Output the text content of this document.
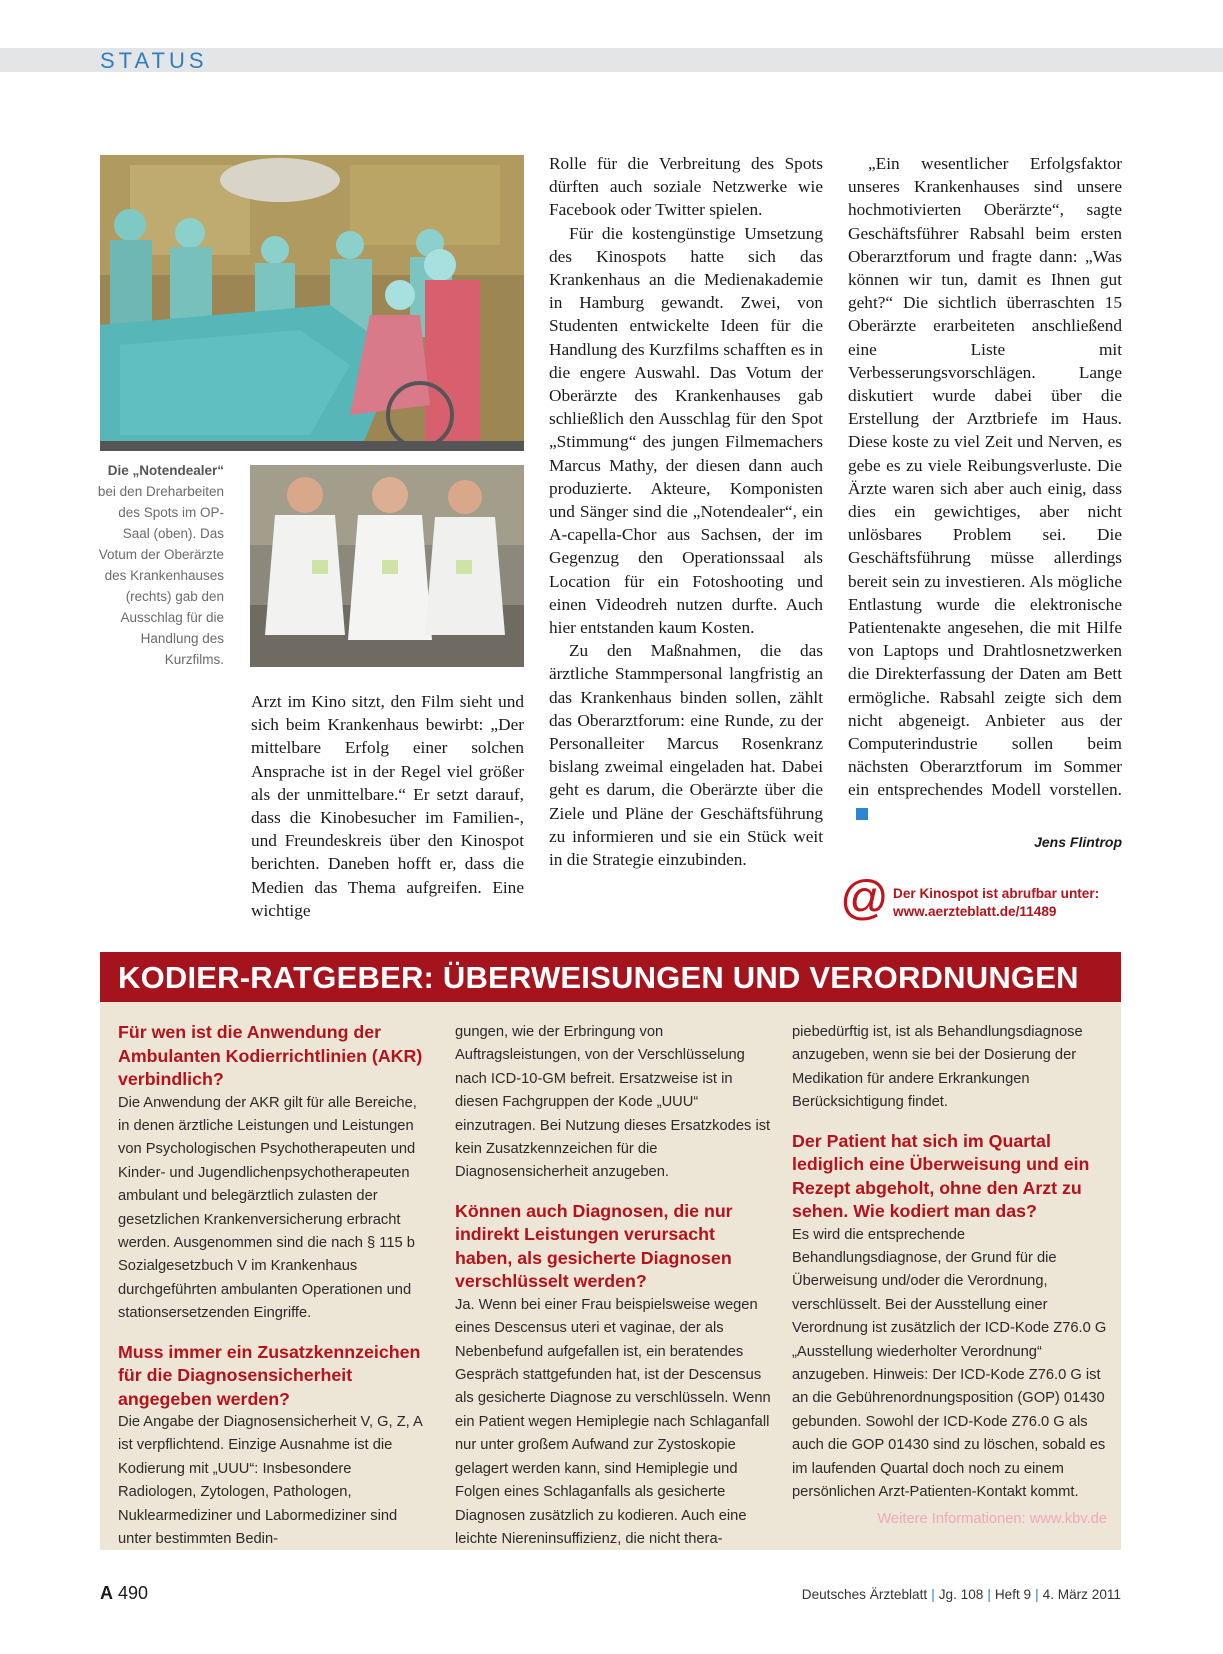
STATUS
Die „Notendealer“ bei den Dreharbeiten des Spots im OP-Saal (oben). Das Votum der Oberärzte des Krankenhauses (rechts) gab den Ausschlag für die Handlung des Kurzfilms.

Arzt im Kino sitzt, den Film sieht und sich beim Krankenhaus bewirbt: „Der mittelbare Erfolg einer solchen Ansprache ist in der Regel viel größer als der unmittelbare.“ Er setzt darauf, dass die Kinobesucher im Familien-, und Freundeskreis über den Kinospot berichten. Daneben hofft er, dass die Medien das Thema aufgreifen. Eine wichtige

Rolle für die Verbreitung des Spots dürften auch soziale Netzwerke wie Facebook oder Twitter spielen.

Für die kostengünstige Umsetzung des Kinospots hatte sich das Krankenhaus an die Medienakademie in Hamburg gewandt. Zwei, von Studenten entwickelte Ideen für die Handlung des Kurzfilms schafften es in die engere Auswahl. Das Votum der Oberärzte des Krankenhauses gab schließlich den Ausschlag für den Spot „Stimmung“ des jungen Filmemachers Marcus Mathy, der diesen dann auch produzierte. Akteure, Komponisten und Sänger sind die „Notendealer“, ein A-capella-Chor aus Sachsen, der im Gegenzug den Operationssaal als Location für ein Fotoshooting und einen Videodreh nutzen durfte. Auch hier entstanden kaum Kosten.

Zu den Maßnahmen, die das ärztliche Stammpersonal langfristig an das Krankenhaus binden sollen, zählt das Oberarztforum: eine Runde, zu der Personalleiter Marcus Rosenkranz bislang zweimal eingeladen hat. Dabei geht es darum, die Oberärzte über die Ziele und Pläne der Geschäftsführung zu informieren und sie ein Stück weit in die Strategie einzubinden.

„Ein wesentlicher Erfolgsfaktor unseres Krankenhauses sind unsere hochmotivierten Oberärzte“, sagte Geschäftsführer Rabsahl beim ersten Oberarztforum und fragte dann: „Was können wir tun, damit es Ihnen gut geht?“ Die sichtlich überraschten 15 Oberärzte erarbeiteten anschließend eine Liste mit Verbesserungsvorschlägen. Lange diskutiert wurde dabei über die Erstellung der Arztbriefe im Haus. Diese koste zu viel Zeit und Nerven, es gebe es zu viele Reibungsverluste. Die Ärzte waren sich aber auch einig, dass dies ein gewichtiges, aber nicht unlösbares Problem sei. Die Geschäftsführung müsse allerdings bereit sein zu investieren. Als mögliche Entlastung wurde die elektronische Patientenakte angesehen, die mit Hilfe von Laptops und Drahtlosnetzwerken die Direkterfassung der Daten am Bett ermögliche. Rabsahl zeigte sich dem nicht abgeneigt. Anbieter aus der Computerindustrie sollen beim nächsten Oberarztforum im Sommer ein entsprechendes Modell vorstellen.

Jens Flintrop
@ Der Kinospot ist abrufbar unter:
www.aerzteblatt.de/11489
KODIER-RATGEBER: ÜBERWEISUNGEN UND VERORDNUNGEN
Für wen ist die Anwendung der Ambulanten Kodierrichtlinien (AKR) verbindlich?

Die Anwendung der AKR gilt für alle Bereiche, in denen ärztliche Leistungen und Leistungen von Psychologischen Psychotherapeuten und Kinder- und Jugendlichenpsychotherapeuten ambulant und belegärztlich zulasten der gesetzlichen Krankenversicherung erbracht werden. Ausgenommen sind die nach § 115 b Sozialgesetzbuch V im Krankenhaus durchgeführten ambulanten Operationen und stationsersetzenden Eingriffe.

Muss immer ein Zusatzkennzeichen für die Diagnosensicherheit angegeben werden?

Die Angabe der Diagnosensicherheit V, G, Z, A ist verpflichtend. Einzige Ausnahme ist die Kodierung mit „UUU“: Insbesondere Radiologen, Zytologen, Pathologen, Nuklearmediziner und Labormediziner sind unter bestimmten Bedin-

gungen, wie der Erbringung von Auftragsleistungen, von der Verschlüsselung nach ICD-10-GM befreit. Ersatzweise ist in diesen Fachgruppen der Kode „UUU“ einzutragen. Bei Nutzung dieses Ersatzkodes ist kein Zusatzkennzeichen für die Diagnosensicherheit anzugeben.

Können auch Diagnosen, die nur indirekt Leistungen verursacht haben, als gesicherte Diagnosen verschlüsselt werden?

Ja. Wenn bei einer Frau beispielsweise wegen eines Descensus uteri et vaginae, der als Nebenbefund aufgefallen ist, ein beratendes Gespräch stattgefunden hat, ist der Descensus als gesicherte Diagnose zu verschlüsseln. Wenn ein Patient wegen Hemiplegie nach Schlaganfall nur unter großem Aufwand zur Zystoskopie gelagert werden kann, sind Hemiplegie und Folgen eines Schlaganfalls als gesicherte Diagnosen zusätzlich zu kodieren. Auch eine leichte Niereninsuffizienz, die nicht thera-

piebedürftig ist, ist als Behandlungsdiagnose anzugeben, wenn sie bei der Dosierung der Medikation für andere Erkrankungen Berücksichtigung findet.

Der Patient hat sich im Quartal lediglich eine Überweisung und ein Rezept abgeholt, ohne den Arzt zu sehen. Wie kodiert man das?

Es wird die entsprechende Behandlungsdiagnose, der Grund für die Überweisung und/oder die Verordnung, verschlüsselt. Bei der Ausstellung einer Verordnung ist zusätzlich der ICD-Kode Z76.0 G „Ausstellung wiederholter Verordnung“ anzugeben. Hinweis: Der ICD-Kode Z76.0 G ist an die Gebührenordnungsposition (GOP) 01430 gebunden. Sowohl der ICD-Kode Z76.0 G als auch die GOP 01430 sind zu löschen, sobald es im laufenden Quartal doch noch zu einem persönlichen Arzt-Patienten-Kontakt kommt.

Weitere Informationen: www.kbv.de
A 490	Deutsches Ärzteblatt | Jg. 108 | Heft 9 | 4. März 2011
